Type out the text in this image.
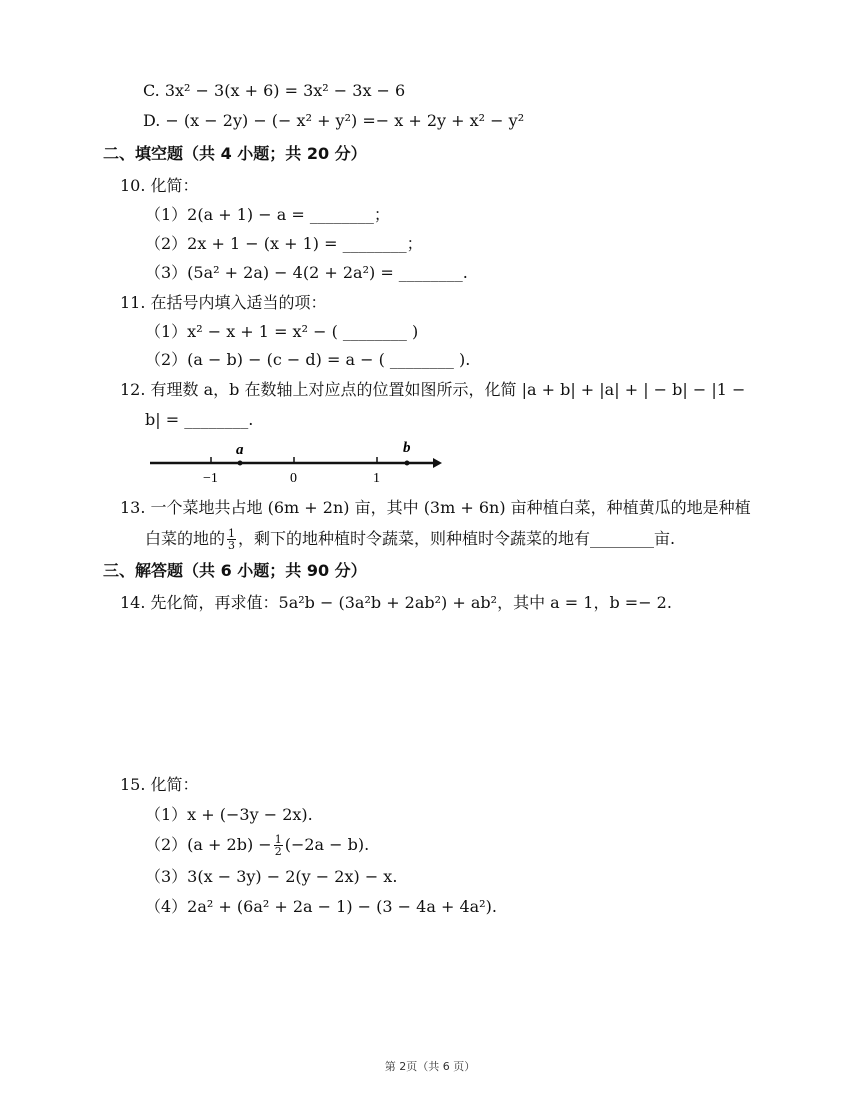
C. 3x² − 3(x + 6) = 3x² − 3x − 6
D. − (x − 2y) − (− x² + y²) =− x + 2y + x² − y²
二、填空题（共 4 小题；共 20 分）
10. 化简：
（1）2(a + 1) − a = ________；
（2）2x + 1 − (x + 1) = ________；
（3）(5a² + 2a) − 4(2 + 2a²) = ________.
11. 在括号内填入适当的项：
（1）x² − x + 1 = x² − ( ________ )
（2）(a − b) − (c − d) = a − ( ________ ).
12. 有理数 a，b 在数轴上对应点的位置如图所示，化简 |a + b| + |a| + | − b| − |1 −
b| = ________.
a	b
−1	0	1
13. 一个菜地共占地 (6m + 2n) 亩，其中 (3m + 6n) 亩种植白菜，种植黄瓜的地是种植
白菜的地的 $\frac{1}{3}$ ，剩下的地种植时令蔬菜，则种植时令蔬菜的地有________亩.
三、解答题（共 6 小题；共 90 分）
14. 先化简，再求值：5a²b − (3a²b + 2ab²) + ab²，其中 a = 1，b =− 2.
15. 化简：
（1）x + (−3y − 2x).
$(2)(a + 2b) - \frac{1}{2} (-2a - b)$.
（3）3(x − 3y) − 2(y − 2x) − x.
（4）2a² + (6a² + 2a − 1) − (3 − 4a + 4a²).
第 2页（共 6 页）
